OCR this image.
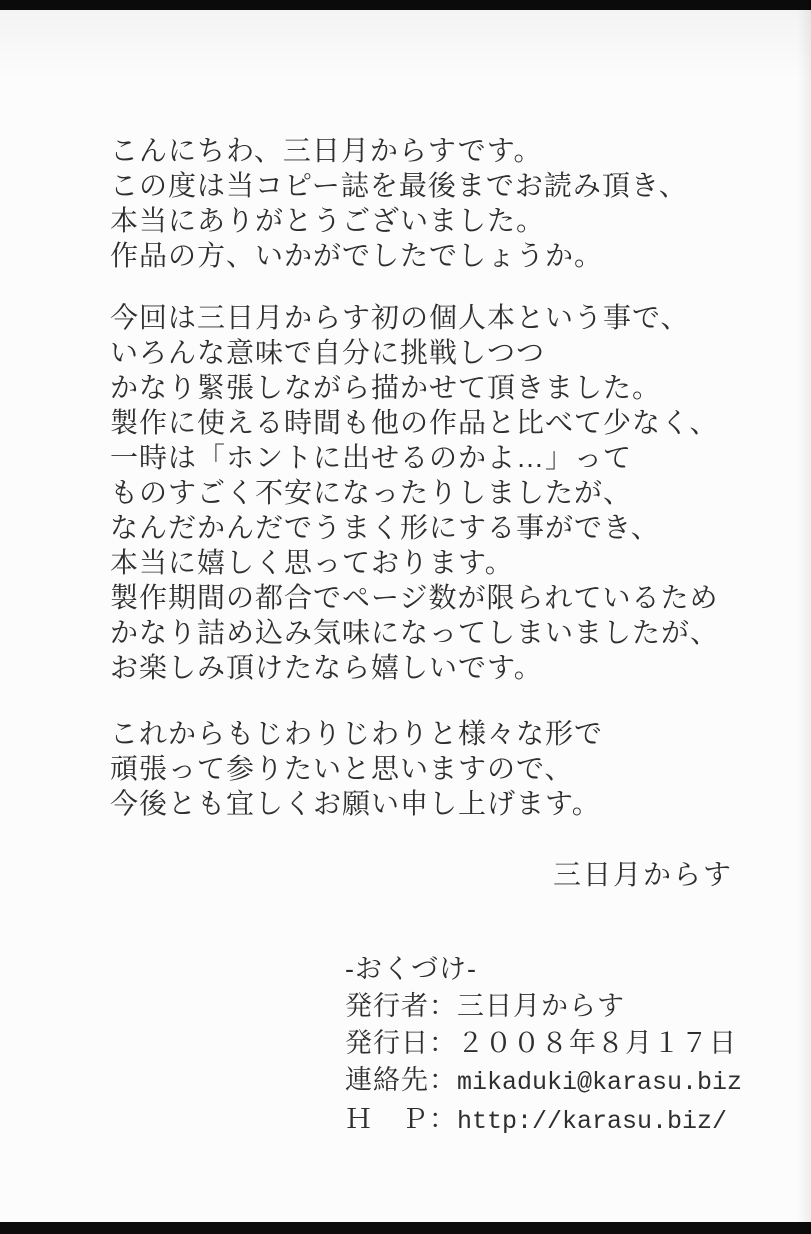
こんにちわ、三日月からすです。
この度は当コピー誌を最後までお読み頂き、
本当にありがとうございました。
作品の方、いかがでしたでしょうか。
今回は三日月からす初の個人本という事で、
いろんな意味で自分に挑戦しつつ
かなり緊張しながら描かせて頂きました。
製作に使える時間も他の作品と比べて少なく、
一時は「ホントに出せるのかよ…」って
ものすごく不安になったりしましたが、
なんだかんだでうまく形にする事ができ、
本当に嬉しく思っております。
製作期間の都合でページ数が限られているため
かなり詰め込み気味になってしまいましたが、
お楽しみ頂けたなら嬉しいです。
これからもじわりじわりと様々な形で
頑張って参りたいと思いますので、
今後とも宜しくお願い申し上げます。
三日月からす
-おくづけ-
発行者：三日月からす
発行日：２００８年８月１７日
連絡先：mikaduki@karasu.biz
Ｈ　Ｐ：http://karasu.biz/
